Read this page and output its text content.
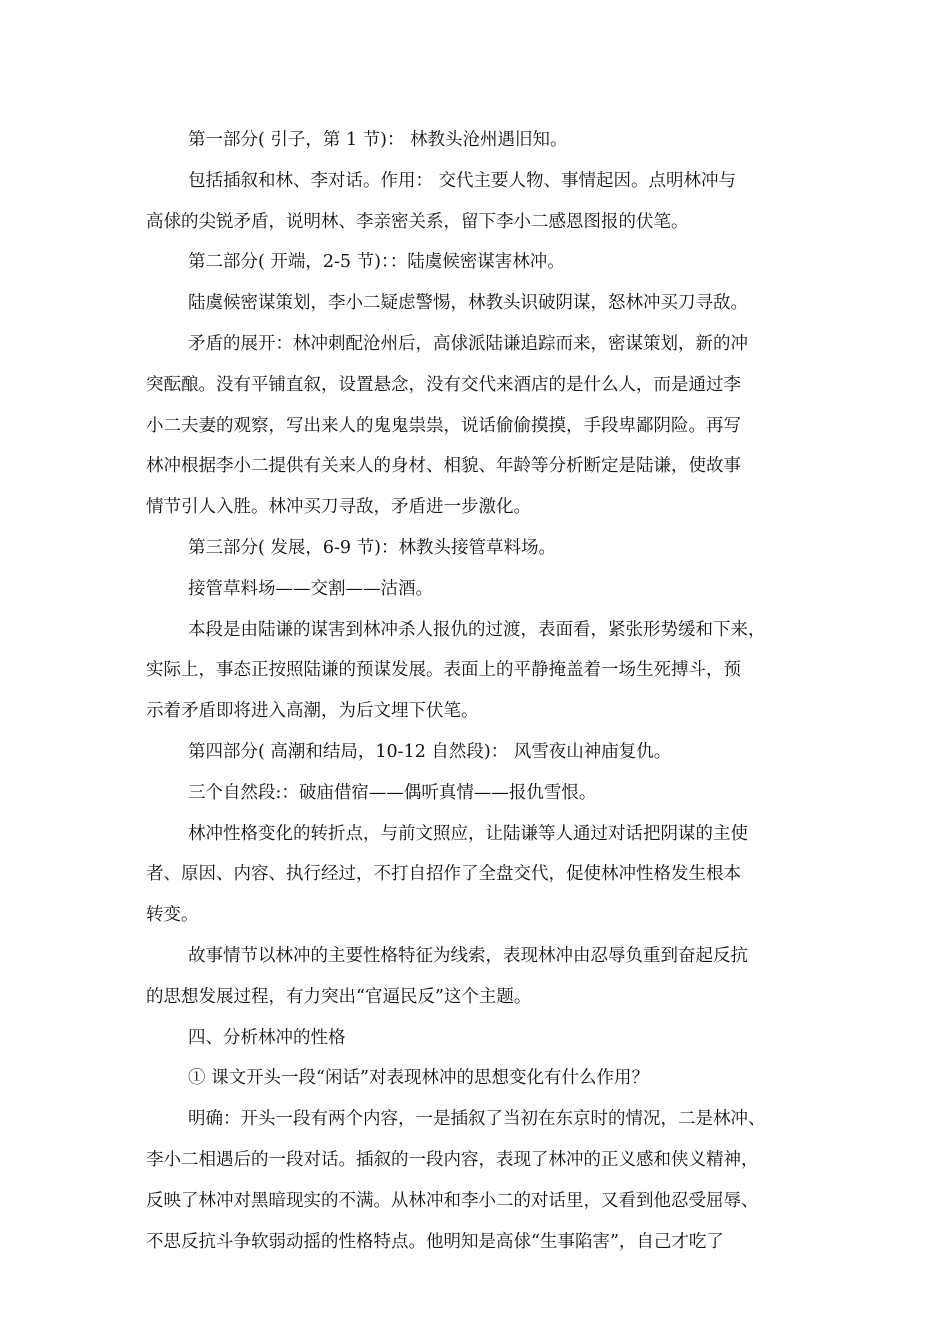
第一部分( 引子，第 1 节)： 林教头沧州遇旧知。
包括插叙和林、李对话。作用： 交代主要人物、事情起因。点明林冲与
高俅的尖锐矛盾，说明林、李亲密关系，留下李小二感恩图报的伏笔。
第二部分( 开端，2-5 节)：：陆虞候密谋害林冲。
陆虞候密谋策划，李小二疑虑警惕，林教头识破阴谋，怒林冲买刀寻敌。
矛盾的展开：林冲刺配沧州后，高俅派陆谦追踪而来，密谋策划，新的冲
突酝酿。没有平铺直叙，设置悬念，没有交代来酒店的是什么人，而是通过李
小二夫妻的观察，写出来人的鬼鬼祟祟，说话偷偷摸摸，手段卑鄙阴险。再写
林冲根据李小二提供有关来人的身材、相貌、年龄等分析断定是陆谦，使故事
情节引人入胜。林冲买刀寻敌，矛盾进一步激化。
第三部分( 发展，6-9 节)：林教头接管草料场。
接管草料场——交割——沽酒。
本段是由陆谦的谋害到林冲杀人报仇的过渡，表面看，紧张形势缓和下来，
实际上，事态正按照陆谦的预谋发展。表面上的平静掩盖着一场生死搏斗，预
示着矛盾即将进入高潮，为后文埋下伏笔。
第四部分( 高潮和结局，10-12 自然段)： 风雪夜山神庙复仇。
三个自然段:：破庙借宿——偶听真情——报仇雪恨。
林冲性格变化的转折点，与前文照应，让陆谦等人通过对话把阴谋的主使
者、原因、内容、执行经过，不打自招作了全盘交代，促使林冲性格发生根本
转变。
故事情节以林冲的主要性格特征为线索，表现林冲由忍辱负重到奋起反抗
的思想发展过程，有力突出“官逼民反”这个主题。
四、分析林冲的性格
① 课文开头一段“闲话”对表现林冲的思想变化有什么作用？
明确：开头一段有两个内容，一是插叙了当初在东京时的情况，二是林冲、
李小二相遇后的一段对话。插叙的一段内容，表现了林冲的正义感和侠义精神，
反映了林冲对黑暗现实的不满。从林冲和李小二的对话里，又看到他忍受屈辱、
不思反抗斗争软弱动摇的性格特点。他明知是高俅“生事陷害”，自己才吃了
